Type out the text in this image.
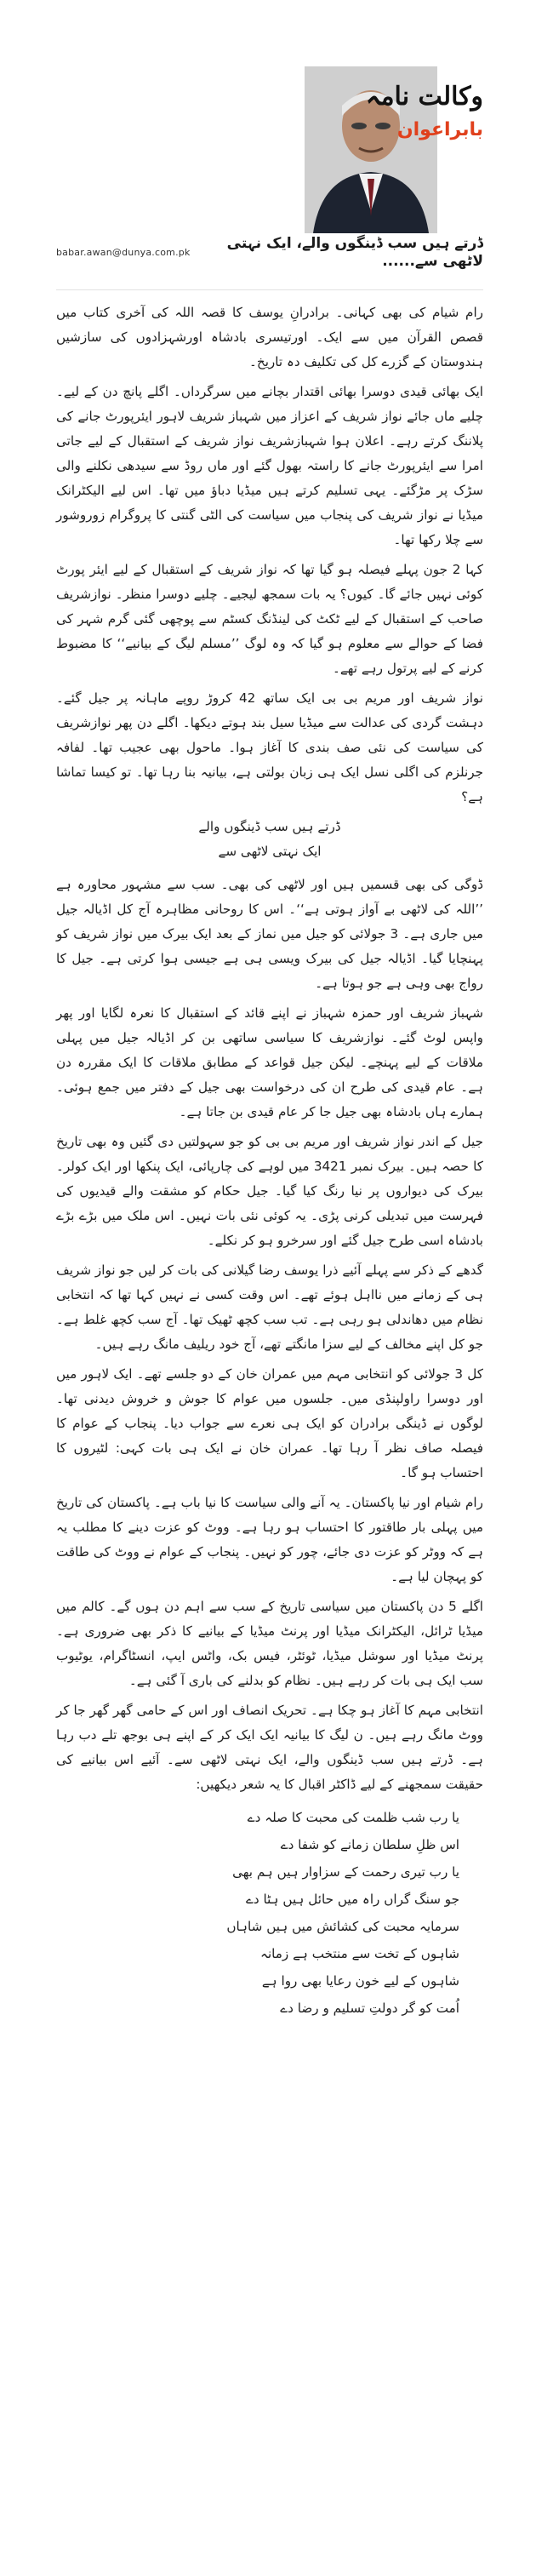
وکالت نامہ
بابراعوان
babar.awan@dunya.com.pk	ڈرتے ہیں سب ڈینگوں والے، ایک نہتی لاٹھی سے......

رام شیام کی بھی کہانی۔ برادرانِ یوسف کا قصہ اللہ کی آخری کتاب میں قصص القرآن میں سے ایک۔ اورتیسری بادشاہ اورشہزادوں کی سازشیں ہندوستان کے گزرے کل کی تکلیف دہ تاریخ۔

ایک بھائی قیدی دوسرا بھائی اقتدار بچانے میں سرگرداں۔ اگلے پانچ دن کے لیے۔ چلیے ماں جائے نواز شریف کے اعزاز میں شہباز شریف لاہور ایئرپورٹ جانے کی پلاننگ کرتے رہے۔ اعلان ہوا شہبازشریف نواز شریف کے استقبال کے لیے جاتی امرا سے ایئرپورٹ جانے کا راستہ بھول گئے اور ماں روڈ سے سیدھی نکلنے والی سڑک پر مڑگئے۔ یہی تسلیم کرتے ہیں میڈیا دباؤ میں تھا۔ اس لیے الیکٹرانک میڈیا نے نواز شریف کی پنجاب میں سیاست کی الٹی گنتی کا پروگرام زوروشور سے چلا رکھا تھا۔

کہا 2 جون پہلے فیصلہ ہو گیا تھا کہ نواز شریف کے استقبال کے لیے ایئر پورٹ کوئی نہیں جائے گا۔ کیوں؟ یہ بات سمجھ لیجیے۔ چلیے دوسرا منظر۔ نوازشریف صاحب کے استقبال کے لیے ٹکٹ کی لینڈنگ کسٹم سے پوچھی گئی گرم شہر کی فضا کے حوالے سے معلوم ہو گیا کہ وہ لوگ ’’مسلم لیگ کے بیانیے‘‘ کا مضبوط کرنے کے لیے پرتول رہے تھے۔

نواز شریف اور مریم بی بی ایک ساتھ 42 کروڑ روپے ماہانہ پر جیل گئے۔ دہشت گردی کی عدالت سے میڈیا سیل بند ہوتے دیکھا۔ اگلے دن پھر نوازشریف کی سیاست کی نئی صف بندی کا آغاز ہوا۔ ماحول بھی عجیب تھا۔ لفافہ جرنلزم کی اگلی نسل ایک ہی زبان بولتی ہے، بیانیہ بنا رہا تھا۔ تو کیسا تماشا ہے؟

ڈرتے ہیں سب ڈینگوں والے
ایک نہتی لاٹھی سے

ڈوگی کی بھی قسمیں ہیں اور لاٹھی کی بھی۔ سب سے مشہور محاورہ ہے ’’اللہ کی لاٹھی بے آواز ہوتی ہے‘‘۔ اس کا روحانی مظاہرہ آج کل اڈیالہ جیل میں جاری ہے۔ 3 جولائی کو جیل میں نماز کے بعد ایک بیرک میں نواز شریف کو پہنچایا گیا۔ اڈیالہ جیل کی بیرک ویسی ہی ہے جیسی ہوا کرتی ہے۔ جیل کا رواج بھی وہی ہے جو ہوتا ہے۔

شہباز شریف اور حمزہ شہباز نے اپنے قائد کے استقبال کا نعرہ لگایا اور پھر واپس لوٹ گئے۔ نوازشریف کا سیاسی ساتھی بن کر اڈیالہ جیل میں پہلی ملاقات کے لیے پہنچے۔ لیکن جیل قواعد کے مطابق ملاقات کا ایک مقررہ دن ہے۔ عام قیدی کی طرح ان کی درخواست بھی جیل کے دفتر میں جمع ہوئی۔ ہمارے ہاں بادشاہ بھی جیل جا کر عام قیدی بن جاتا ہے۔

جیل کے اندر نواز شریف اور مریم بی بی کو جو سہولتیں دی گئیں وہ بھی تاریخ کا حصہ ہیں۔ بیرک نمبر 3421 میں لوہے کی چارپائی، ایک پنکھا اور ایک کولر۔ بیرک کی دیواروں پر نیا رنگ کیا گیا۔ جیل حکام کو مشقت والے قیدیوں کی فہرست میں تبدیلی کرنی پڑی۔ یہ کوئی نئی بات نہیں۔ اس ملک میں بڑے بڑے بادشاہ اسی طرح جیل گئے اور سرخرو ہو کر نکلے۔

گدھے کے ذکر سے پہلے آئیے ذرا یوسف رضا گیلانی کی بات کر لیں جو نواز شریف ہی کے زمانے میں نااہل ہوئے تھے۔ اس وقت کسی نے نہیں کہا تھا کہ انتخابی نظام میں دھاندلی ہو رہی ہے۔ تب سب کچھ ٹھیک تھا۔ آج سب کچھ غلط ہے۔ جو کل اپنے مخالف کے لیے سزا مانگتے تھے، آج خود ریلیف مانگ رہے ہیں۔

کل 3 جولائی کو انتخابی مہم میں عمران خان کے دو جلسے تھے۔ ایک لاہور میں اور دوسرا راولپنڈی میں۔ جلسوں میں عوام کا جوش و خروش دیدنی تھا۔ لوگوں نے ڈینگی برادران کو ایک ہی نعرے سے جواب دیا۔ پنجاب کے عوام کا فیصلہ صاف نظر آ رہا تھا۔ عمران خان نے ایک ہی بات کہی: لٹیروں کا احتساب ہو گا۔

رام شیام اور نیا پاکستان۔ یہ آنے والی سیاست کا نیا باب ہے۔ پاکستان کی تاریخ میں پہلی بار طاقتور کا احتساب ہو رہا ہے۔ ووٹ کو عزت دینے کا مطلب یہ ہے کہ ووٹر کو عزت دی جائے، چور کو نہیں۔ پنجاب کے عوام نے ووٹ کی طاقت کو پہچان لیا ہے۔

اگلے 5 دن پاکستان میں سیاسی تاریخ کے سب سے اہم دن ہوں گے۔ کالم میں میڈیا ٹرائل، الیکٹرانک میڈیا اور پرنٹ میڈیا کے بیانیے کا ذکر بھی ضروری ہے۔ پرنٹ میڈیا اور سوشل میڈیا، ٹوئٹر، فیس بک، واٹس ایپ، انسٹاگرام، یوٹیوب سب ایک ہی بات کر رہے ہیں۔ نظام کو بدلنے کی باری آ گئی ہے۔

انتخابی مہم کا آغاز ہو چکا ہے۔ تحریک انصاف اور اس کے حامی گھر گھر جا کر ووٹ مانگ رہے ہیں۔ ن لیگ کا بیانیہ ایک ایک کر کے اپنے ہی بوجھ تلے دب رہا ہے۔ ڈرتے ہیں سب ڈینگوں والے، ایک نہتی لاٹھی سے۔ آئیے اس بیانیے کی حقیقت سمجھنے کے لیے ڈاکٹر اقبال کا یہ شعر دیکھیں:

یا رب شب ظلمت کی محبت کا صلہ دے
اس ظلِ سلطان زمانے کو شفا دے
یا رب تیری رحمت کے سزاوار ہیں ہم بھی
جو سنگ گراں راہ میں حائل ہیں ہٹا دے
سرمایہ محبت کی کشائش میں ہیں شاہاں
شاہوں کے تخت سے منتخب ہے زمانہ
شاہوں کے لیے خون رعایا بھی روا ہے
اُمت کو گر دولتِ تسلیم و رضا دے
